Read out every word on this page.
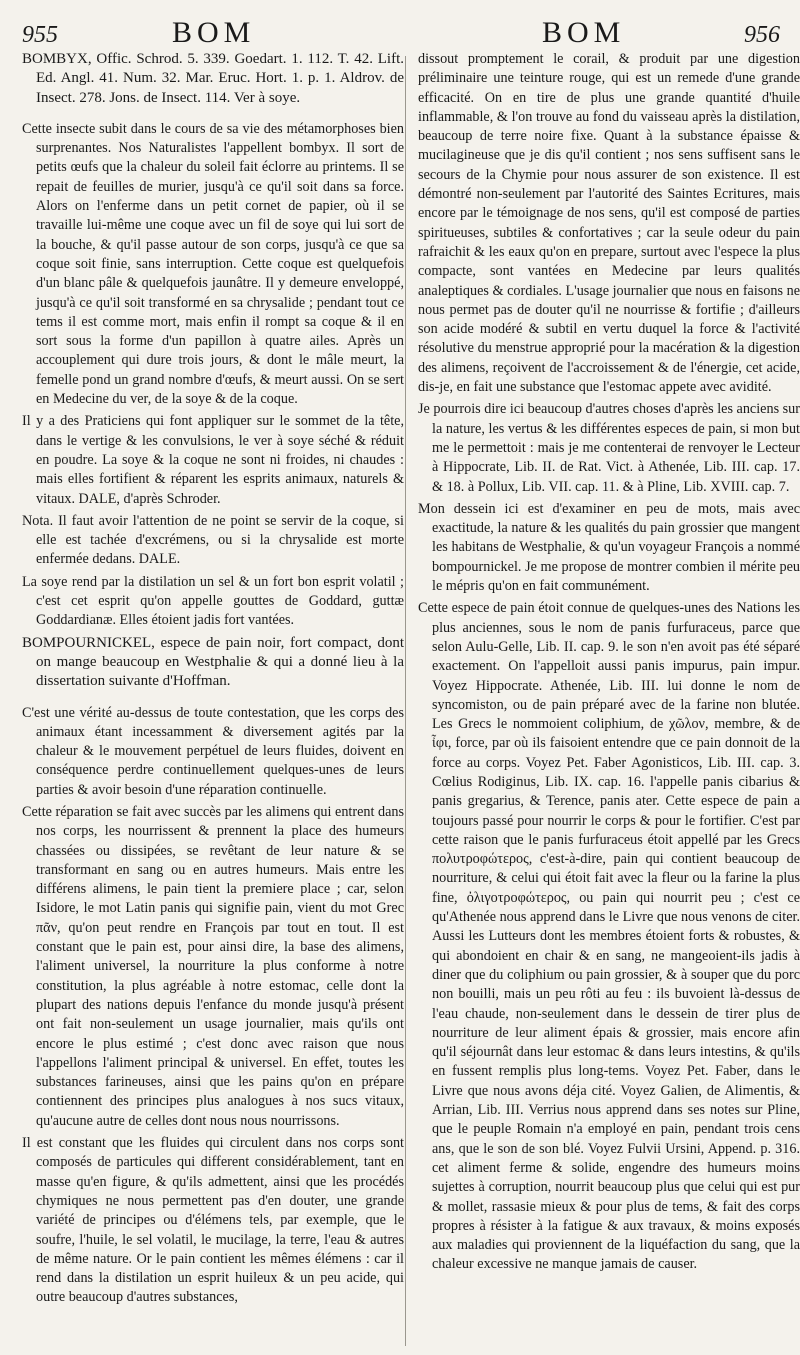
955	BOM	BOM	956

BOMBYX, Offic. Schrod. 5. 339. Goedart. 1. 112. T. 42. Lift. Ed. Angl. 41. Num. 32. Mar. Eruc. Hort. 1. p. 1. Aldrov. de Insect. 278. Jons. de Insect. 114. Ver à soye.

Cette insecte subit dans le cours de sa vie des métamorphoses bien surprenantes. Nos Naturalistes l'appellent bombyx. Il sort de petits œufs que la chaleur du soleil fait éclorre au printems. Il se repait de feuilles de murier, jusqu'à ce qu'il soit dans sa force. Alors on l'enferme dans un petit cornet de papier, où il se travaille lui-même une coque avec un fil de soye qui lui sort de la bouche, & qu'il passe autour de son corps, jusqu'à ce que sa coque soit finie, sans interruption. Cette coque est quelquefois d'un blanc pâle & quelquefois jaunâtre. Il y demeure enveloppé, jusqu'à ce qu'il soit transformé en sa chrysalide ; pendant tout ce tems il est comme mort, mais enfin il rompt sa coque & il en sort sous la forme d'un papillon à quatre ailes. Après un accouplement qui dure trois jours, & dont le mâle meurt, la femelle pond un grand nombre d'œufs, & meurt aussi. On se sert en Medecine du ver, de la soye & de la coque.

Il y a des Praticiens qui font appliquer sur le sommet de la tête, dans le vertige & les convulsions, le ver à soye séché & réduit en poudre. La soye & la coque ne sont ni froides, ni chaudes : mais elles fortifient & réparent les esprits animaux, naturels & vitaux. DALE, d'après Schroder.

Nota. Il faut avoir l'attention de ne point se servir de la coque, si elle est tachée d'excrémens, ou si la chrysalide est morte enfermée dedans. DALE.

La soye rend par la distilation un sel & un fort bon esprit volatil ; c'est cet esprit qu'on appelle gouttes de Goddard, guttæ Goddardianæ. Elles étoient jadis fort vantées.

BOMPOURNICKEL, espece de pain noir, fort compact, dont on mange beaucoup en Westphalie & qui a donné lieu à la dissertation suivante d'Hoffman.

C'est une vérité au-dessus de toute contestation, que les corps des animaux étant incessamment & diversement agités par la chaleur & le mouvement perpétuel de leurs fluides, doivent en conséquence perdre continuellement quelques-unes de leurs parties & avoir besoin d'une réparation continuelle.

Cette réparation se fait avec succès par les alimens qui entrent dans nos corps, les nourrissent & prennent la place des humeurs chassées ou dissipées, se revêtant de leur nature & se transformant en sang ou en autres humeurs. Mais entre les différens alimens, le pain tient la premiere place ; car, selon Isidore, le mot Latin panis qui signifie pain, vient du mot Grec πᾶν, qu'on peut rendre en François par tout en tout. Il est constant que le pain est, pour ainsi dire, la base des alimens, l'aliment universel, la nourriture la plus conforme à notre constitution, la plus agréable à notre estomac, celle dont la plupart des nations depuis l'enfance du monde jusqu'à présent ont fait non-seulement un usage journalier, mais qu'ils ont encore le plus estimé ; c'est donc avec raison que nous l'appellons l'aliment principal & universel. En effet, toutes les substances farineuses, ainsi que les pains qu'on en prépare contiennent des principes plus analogues à nos sucs vitaux, qu'aucune autre de celles dont nous nous nourrissons.

Il est constant que les fluides qui circulent dans nos corps sont composés de particules qui different considérablement, tant en masse qu'en figure, & qu'ils admettent, ainsi que les procédés chymiques ne nous permettent pas d'en douter, une grande variété de principes ou d'élémens tels, par exemple, que le soufre, l'huile, le sel volatil, le mucilage, la terre, l'eau & autres de même nature. Or le pain contient les mêmes élémens : car il rend dans la distilation un esprit huileux & un peu acide, qui outre beaucoup d'autres substances,

dissout promptement le corail, & produit par une digestion préliminaire une teinture rouge, qui est un remede d'une grande efficacité. On en tire de plus une grande quantité d'huile inflammable, & l'on trouve au fond du vaisseau après la distilation, beaucoup de terre noire fixe. Quant à la substance épaisse & mucilagineuse que je dis qu'il contient ; nos sens suffisent sans le secours de la Chymie pour nous assurer de son existence. Il est démontré non-seulement par l'autorité des Saintes Ecritures, mais encore par le témoignage de nos sens, qu'il est composé de parties spiritueuses, subtiles & confortatives ; car la seule odeur du pain rafraichit & les eaux qu'on en prepare, surtout avec l'espece la plus compacte, sont vantées en Medecine par leurs qualités analeptiques & cordiales. L'usage journalier que nous en faisons ne nous permet pas de douter qu'il ne nourrisse & fortifie ; d'ailleurs son acide modéré & subtil en vertu duquel la force & l'activité résolutive du menstrue approprié pour la macération & la digestion des alimens, reçoivent de l'accroissement & de l'énergie, cet acide, dis-je, en fait une substance que l'estomac appete avec avidité.

Je pourrois dire ici beaucoup d'autres choses d'après les anciens sur la nature, les vertus & les différentes especes de pain, si mon but me le permettoit : mais je me contenterai de renvoyer le Lecteur à Hippocrate, Lib. II. de Rat. Vict. à Athenée, Lib. III. cap. 17. & 18. à Pollux, Lib. VII. cap. 11. & à Pline, Lib. XVIII. cap. 7.

Mon dessein ici est d'examiner en peu de mots, mais avec exactitude, la nature & les qualités du pain grossier que mangent les habitans de Westphalie, & qu'un voyageur François a nommé bompournickel. Je me propose de montrer combien il mérite peu le mépris qu'on en fait communément.

Cette espece de pain étoit connue de quelques-unes des Nations les plus anciennes, sous le nom de panis furfuraceus, parce que selon Aulu-Gelle, Lib. II. cap. 9. le son n'en avoit pas été séparé exactement. On l'appelloit aussi panis impurus, pain impur. Voyez Hippocrate. Athenée, Lib. III. lui donne le nom de syncomiston, ou de pain préparé avec de la farine non blutée. Les Grecs le nommoient coliphium, de χῶλον, membre, & de ἶφι, force, par où ils faisoient entendre que ce pain donnoit de la force au corps. Voyez Pet. Faber Agonisticos, Lib. III. cap. 3. Cœlius Rodiginus, Lib. IX. cap. 16. l'appelle panis cibarius & panis gregarius, & Terence, panis ater. Cette espece de pain a toujours passé pour nourrir le corps & pour le fortifier. C'est par cette raison que le panis furfuraceus étoit appellé par les Grecs πολυτροφώτερος, c'est-à-dire, pain qui contient beaucoup de nourriture, & celui qui étoit fait avec la fleur ou la farine la plus fine, ὀλιγοτροφώτερος, ou pain qui nourrit peu ; c'est ce qu'Athenée nous apprend dans le Livre que nous venons de citer. Aussi les Lutteurs dont les membres étoient forts & robustes, & qui abondoient en chair & en sang, ne mangeoient-ils jadis à diner que du coliphium ou pain grossier, & à souper que du porc non bouilli, mais un peu rôti au feu : ils buvoient là-dessus de l'eau chaude, non-seulement dans le dessein de tirer plus de nourriture de leur aliment épais & grossier, mais encore afin qu'il séjournât dans leur estomac & dans leurs intestins, & qu'ils en fussent remplis plus long-tems. Voyez Pet. Faber, dans le Livre que nous avons déja cité. Voyez Galien, de Alimentis, & Arrian, Lib. III. Verrius nous apprend dans ses notes sur Pline, que le peuple Romain n'a employé en pain, pendant trois cens ans, que le son de son blé. Voyez Fulvii Ursini, Append. p. 316. cet aliment ferme & solide, engendre des humeurs moins sujettes à corruption, nourrit beaucoup plus que celui qui est pur & mollet, rassasie mieux & pour plus de tems, & fait des corps propres à résister à la fatigue & aux travaux, & moins exposés aux maladies qui proviennent de la liquéfaction du sang, que la chaleur excessive ne manque jamais de causer.
